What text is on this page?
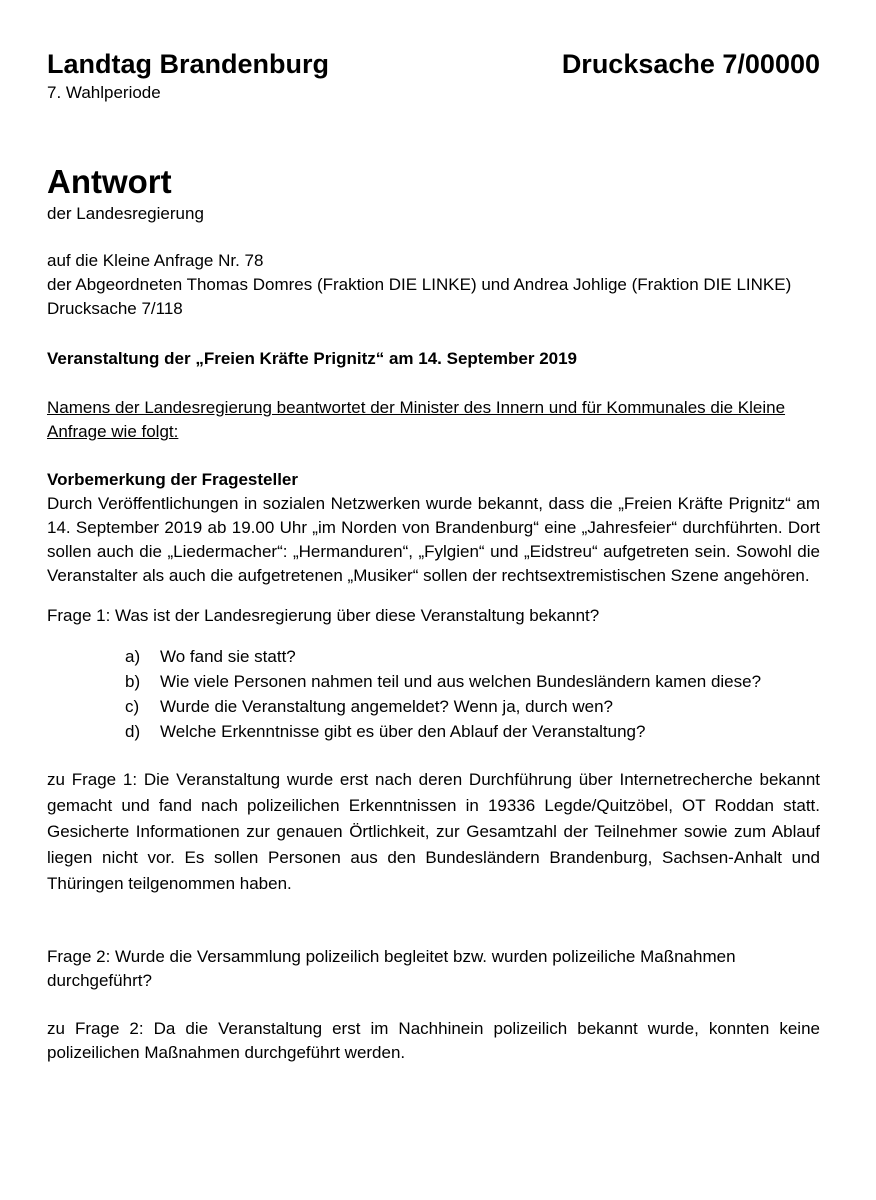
Landtag Brandenburg
7. Wahlperiode
Drucksache 7/00000
Antwort
der Landesregierung
auf die Kleine Anfrage Nr. 78
der Abgeordneten Thomas Domres (Fraktion DIE LINKE) und Andrea Johlige (Fraktion DIE LINKE)
Drucksache 7/118
Veranstaltung der „Freien Kräfte Prignitz“ am 14. September 2019
Namens der Landesregierung beantwortet der Minister des Innern und für Kommunales die Kleine Anfrage wie folgt:
Vorbemerkung der Fragesteller
Durch Veröffentlichungen in sozialen Netzwerken wurde bekannt, dass die „Freien Kräfte Prignitz“ am 14. September 2019 ab 19.00 Uhr „im Norden von Brandenburg“ eine „Jahresfeier“ durchführten. Dort sollen auch die „Liedermacher“: „Hermanduren“, „Fylgien“ und „Eidstreu“ aufgetreten sein. Sowohl die Veranstalter als auch die aufgetretenen „Musiker“ sollen der rechtsextremistischen Szene angehören.
Frage 1: Was ist der Landesregierung über diese Veranstaltung bekannt?
a)	Wo fand sie statt?
b)	Wie viele Personen nahmen teil und aus welchen Bundesländern kamen diese?
c)	Wurde die Veranstaltung angemeldet? Wenn ja, durch wen?
d)	Welche Erkenntnisse gibt es über den Ablauf der Veranstaltung?
zu Frage 1: Die Veranstaltung wurde erst nach deren Durchführung über Internetrecherche bekannt gemacht und fand nach polizeilichen Erkenntnissen in 19336 Legde/Quitzöbel, OT Roddan statt. Gesicherte Informationen zur genauen Örtlichkeit, zur Gesamtzahl der Teilnehmer sowie zum Ablauf liegen nicht vor. Es sollen Personen aus den Bundesländern Brandenburg, Sachsen-Anhalt und Thüringen teilgenommen haben.
Frage 2: Wurde die Versammlung polizeilich begleitet bzw. wurden polizeiliche Maßnahmen durchgeführt?
zu Frage 2: Da die Veranstaltung erst im Nachhinein polizeilich bekannt wurde, konnten keine polizeilichen Maßnahmen durchgeführt werden.
